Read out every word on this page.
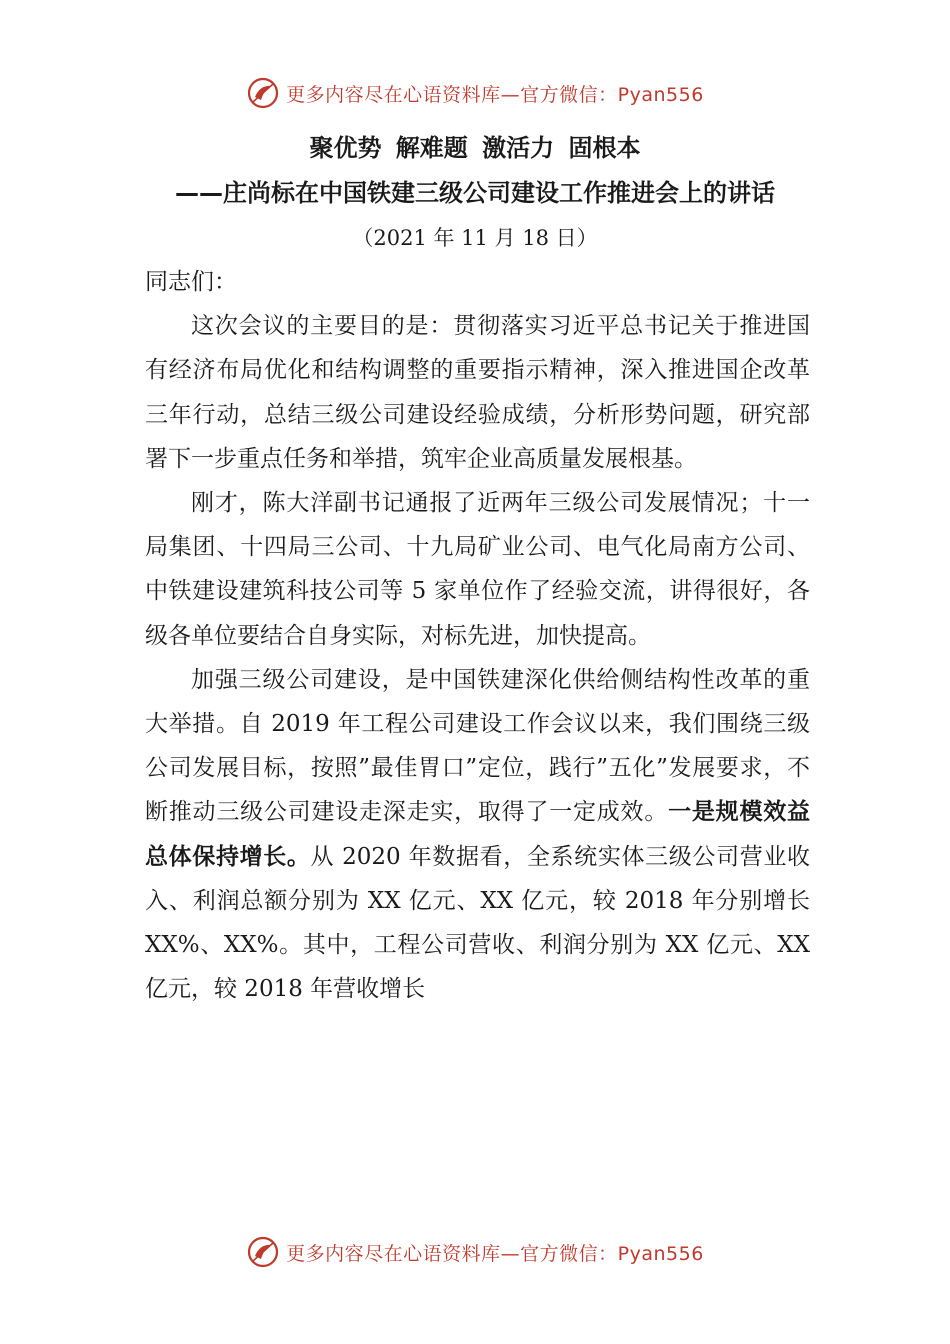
更多内容尽在心语资料库—官方微信：Pyan556
聚优势 解难题 激活力 固根本
——庄尚标在中国铁建三级公司建设工作推进会上的讲话
（2021 年 11 月 18 日）

同志们：

这次会议的主要目的是：贯彻落实习近平总书记关于推进国有经济布局优化和结构调整的重要指示精神，深入推进国企改革三年行动，总结三级公司建设经验成绩，分析形势问题，研究部署下一步重点任务和举措，筑牢企业高质量发展根基。

刚才，陈大洋副书记通报了近两年三级公司发展情况；十一局集团、十四局三公司、十九局矿业公司、电气化局南方公司、中铁建设建筑科技公司等 5 家单位作了经验交流，讲得很好，各级各单位要结合自身实际，对标先进，加快提高。

加强三级公司建设，是中国铁建深化供给侧结构性改革的重大举措。自 2019 年工程公司建设工作会议以来，我们围绕三级公司发展目标，按照”最佳胃口”定位，践行”五化”发展要求，不断推动三级公司建设走深走实，取得了一定成效。一是规模效益总体保持增长。从 2020 年数据看，全系统实体三级公司营业收入、利润总额分别为 XX 亿元、XX 亿元，较 2018 年分别增长 XX%、XX%。其中，工程公司营收、利润分别为 XX 亿元、XX 亿元，较 2018 年营收增长

更多内容尽在心语资料库—官方微信：Pyan556
